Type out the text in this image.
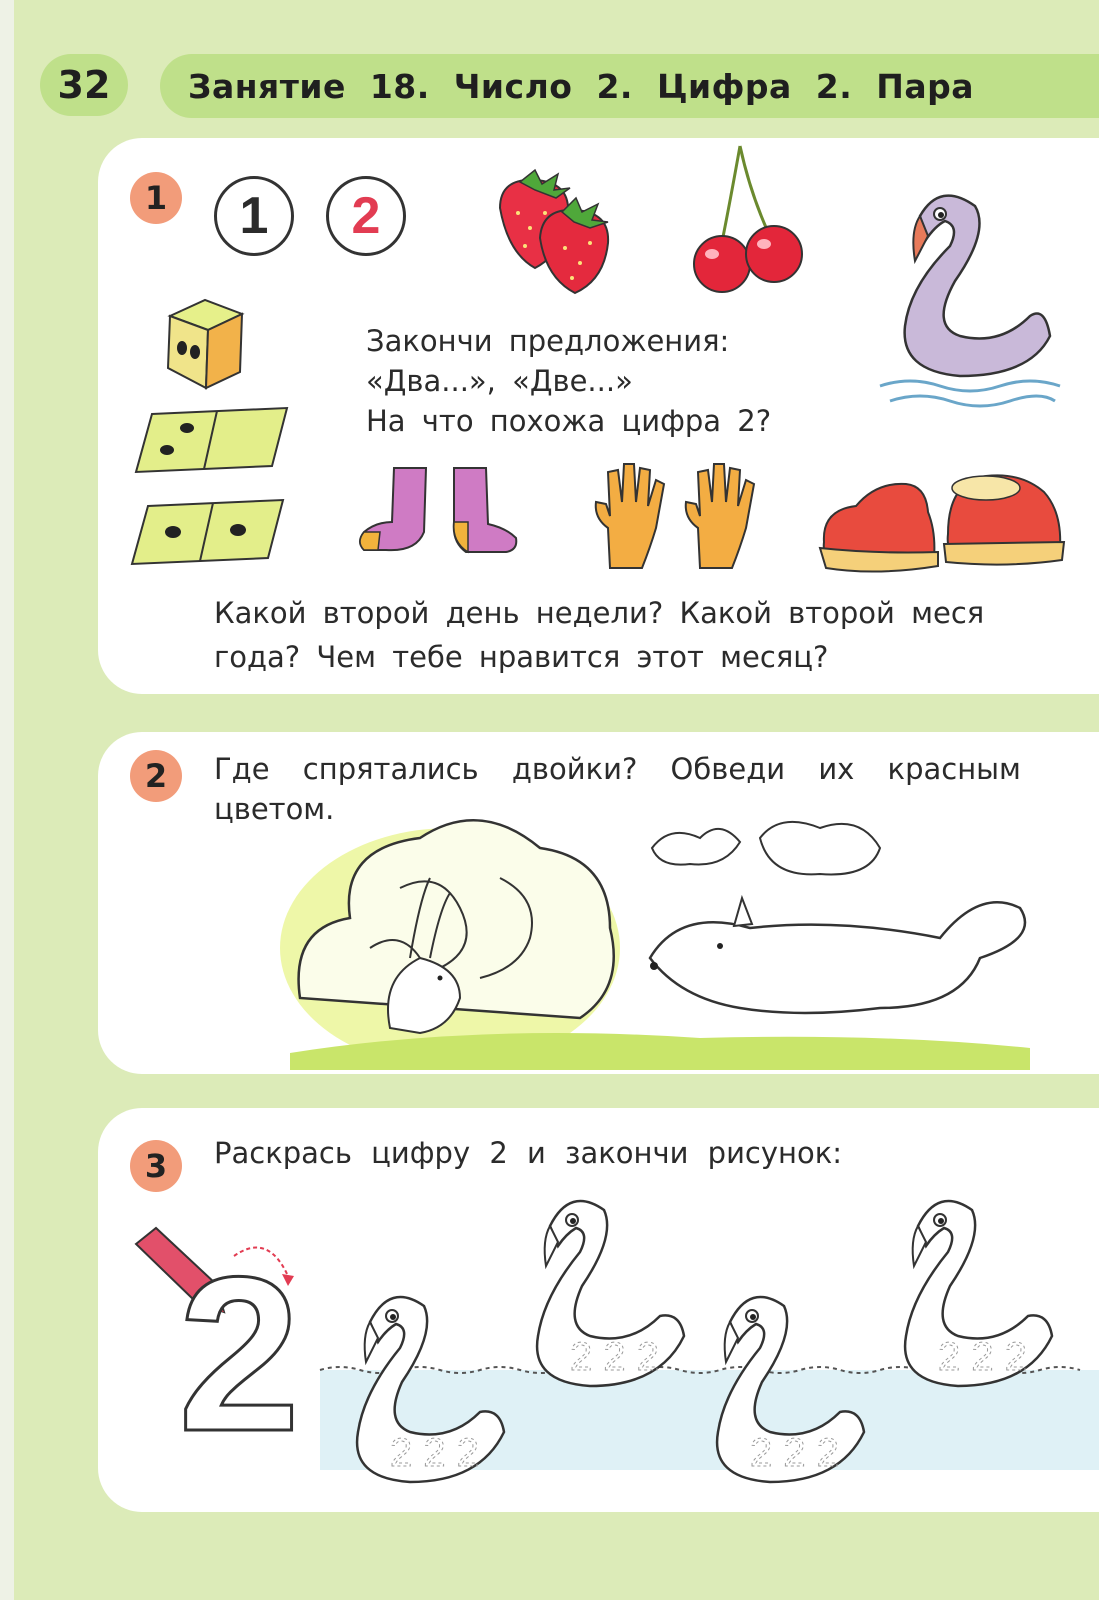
32	Занятие 18. Число 2. Цифра 2. Пара
1	1	2
Закончи предложения:
«Два...», «Две...»
На что похожа цифра 2?
Какой второй день недели? Какой второй меся
года? Чем тебе нравится этот месяц?
2	Где спрятались двойки? Обведи их красным
цветом.
3	Раскрась цифру 2 и закончи рисунок:
2 2 2 2
2 2 2
2 2 2
2 2 2
